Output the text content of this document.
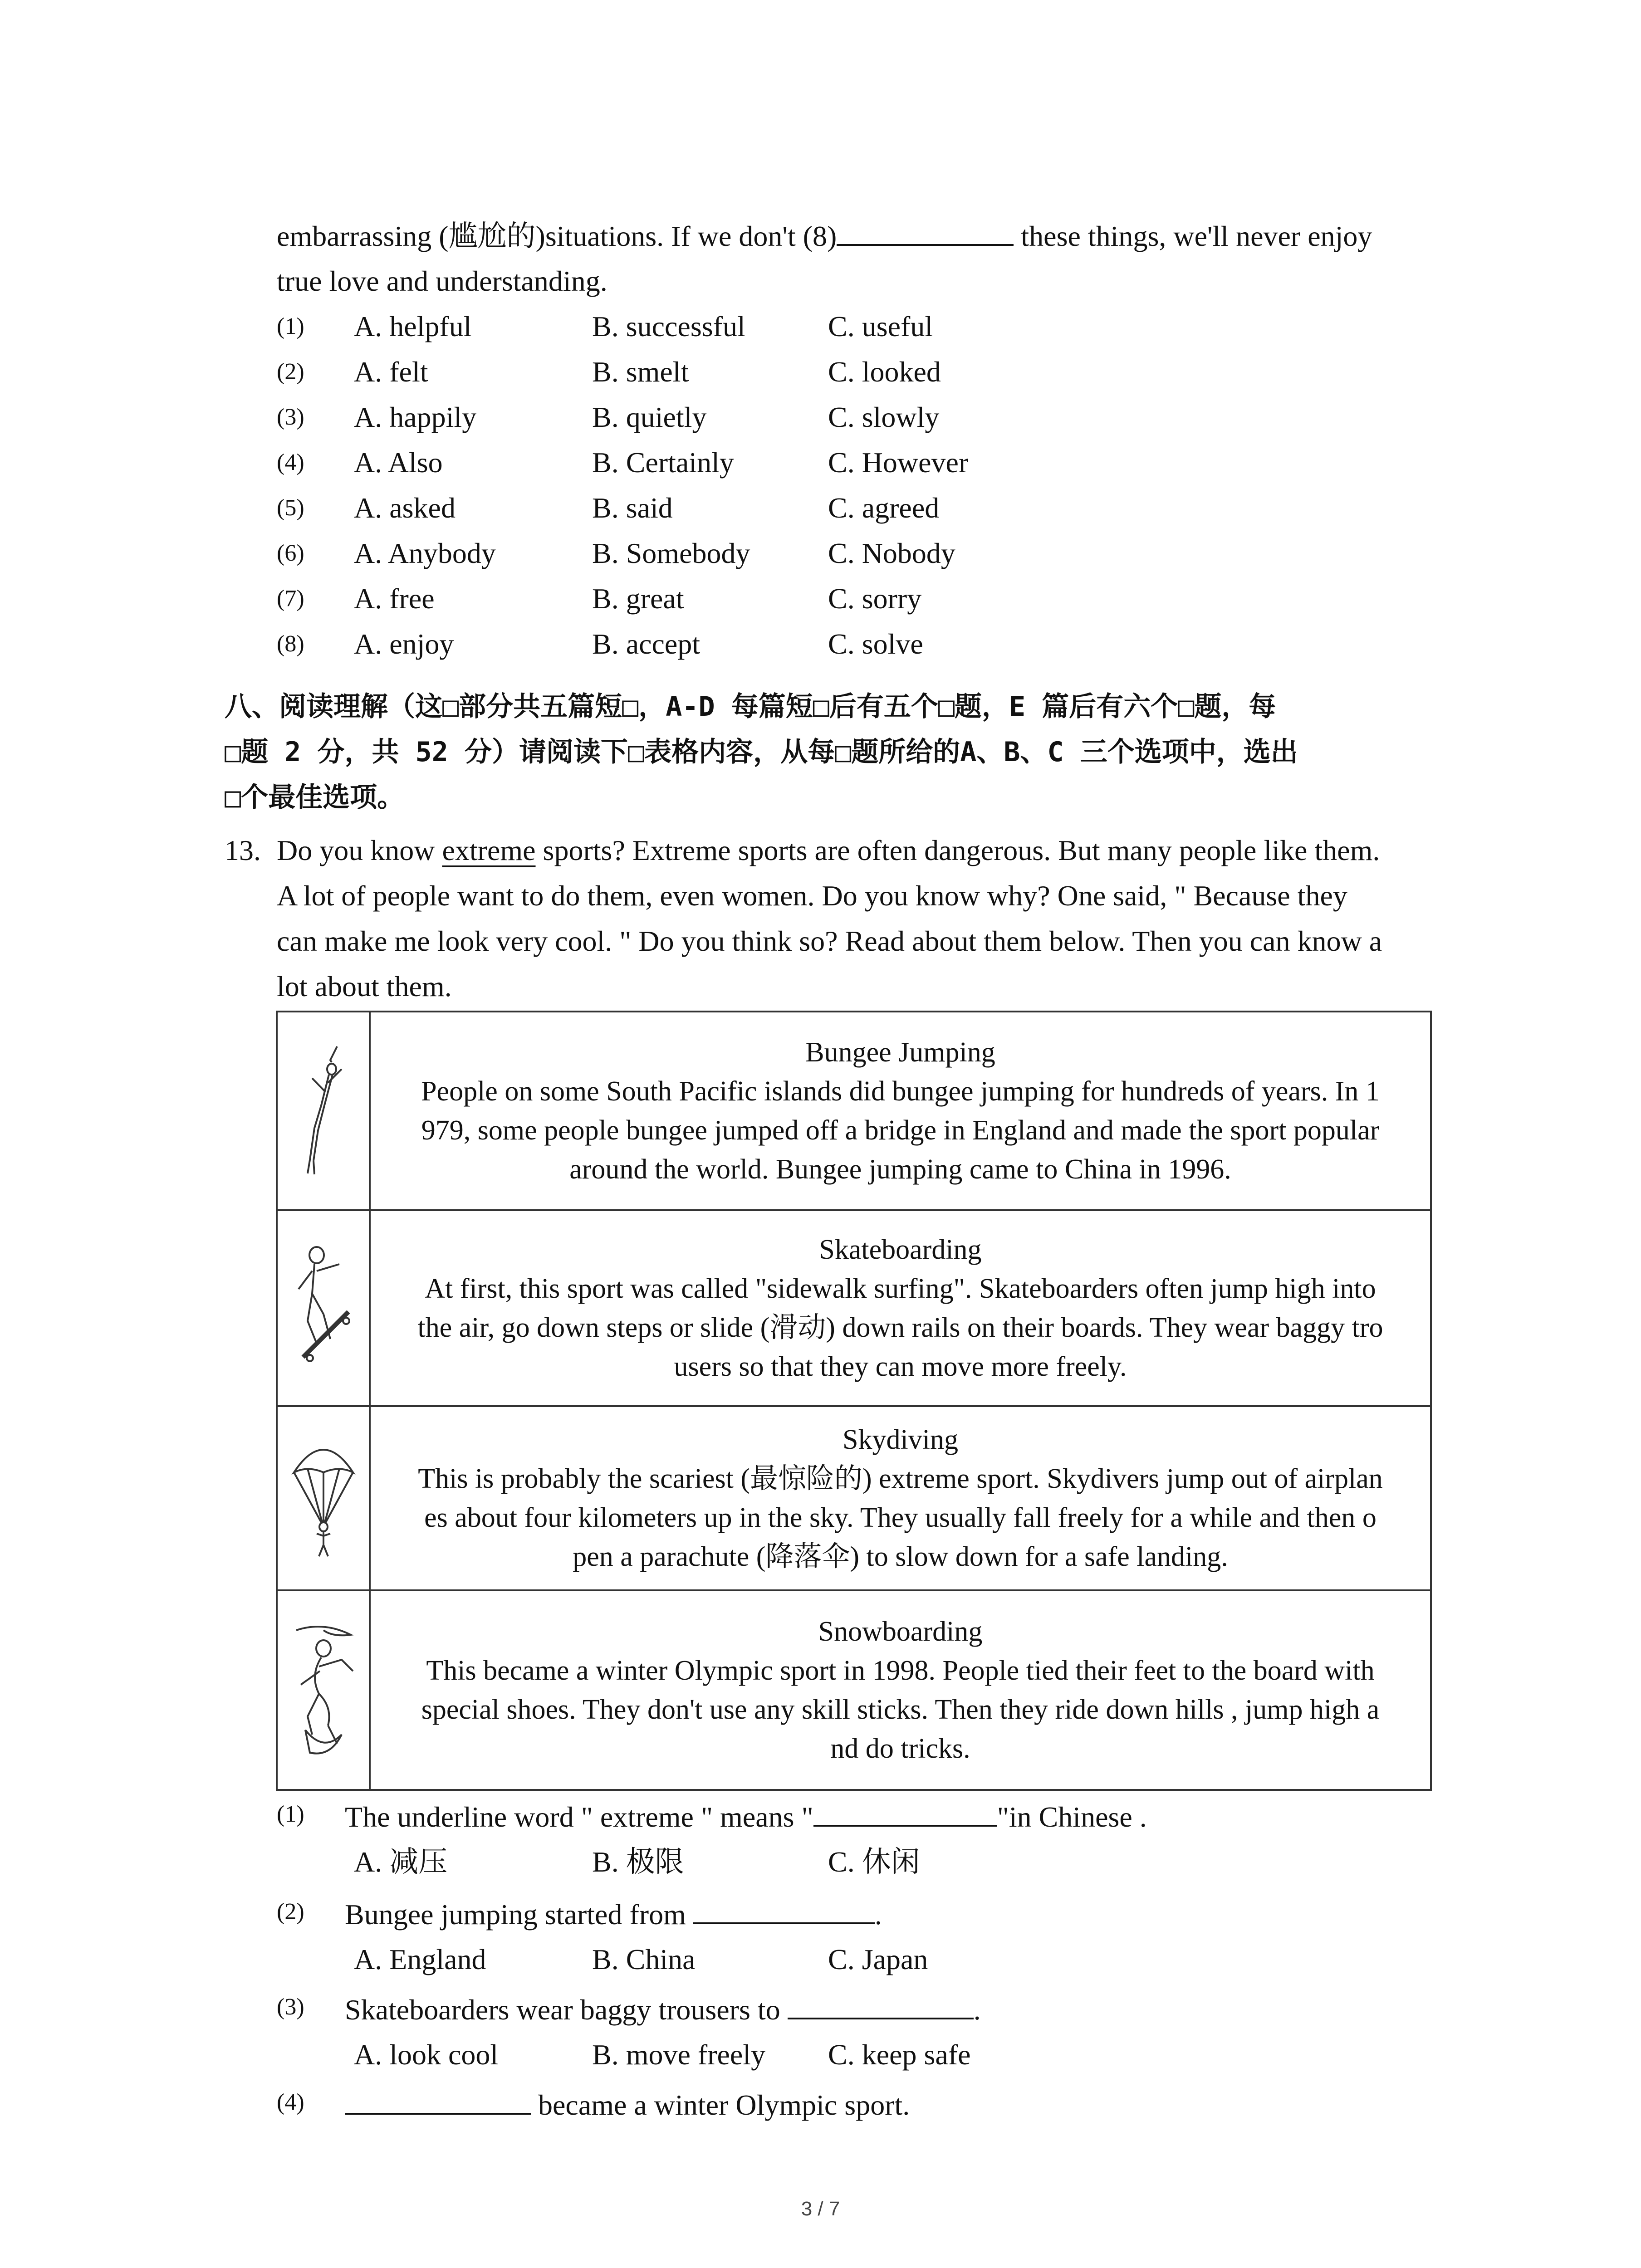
embarrassing (尴尬的)situations. If we don't (8)	these things, we'll never enjoy
true love and understanding.
(1) A. helpful	B. successful	C. useful
(2) A. felt	B. smelt	C. looked
(3) A. happily	B. quietly	C. slowly
(4) A. Also	B. Certainly	C. However
(5) A. asked	B. said	C. agreed
(6) A. Anybody	B. Somebody	C. Nobody
(7) A. free	B. great	C. sorry
(8) A. enjoy	B. accept	C. solve
八、阅读理解（这□部分共五篇短□，A-D 每篇短□后有五个□题，E 篇后有六个□题，每
□题 2 分，共 52 分）请阅读下□表格内容，从每□题所给的A、B、C 三个选项中，选出
□个最佳选项。
13. Do you know extreme sports? Extreme sports are often dangerous. But many people like them.
A lot of people want to do them, even women. Do you know why? One said, " Because they
can make me look very cool. " Do you think so? Read about them below. Then you can know a
lot about them.

Bungee Jumping
People on some South Pacific islands did bungee jumping for hundreds of years. In 1
979, some people bungee jumped off a bridge in England and made the sport popular
around the world. Bungee jumping came to China in 1996.

Skateboarding
At first, this sport was called "sidewalk surfing". Skateboarders often jump high into
the air, go down steps or slide (滑动) down rails on their boards. They wear baggy tro
users so that they can move more freely.

Skydiving
This is probably the scariest (最惊险的) extreme sport. Skydivers jump out of airplan
es about four kilometers up in the sky. They usually fall freely for a while and then o
pen a parachute (降落伞) to slow down for a safe landing.

Snowboarding
This became a winter Olympic sport in 1998. People tied their feet to the board with
special shoes. They don't use any skill sticks. Then they ride down hills , jump high a
nd do tricks.
(1) The underline word " extreme " means "	"in Chinese .
A. 减压	B. 极限	C. 休闲
(2) Bungee jumping started from	.
A. England	B. China	C. Japan
(3) Skateboarders wear baggy trousers to	.
A. look cool	B. move freely C. keep safe
(4)	became a winter Olympic sport.
3 / 7
